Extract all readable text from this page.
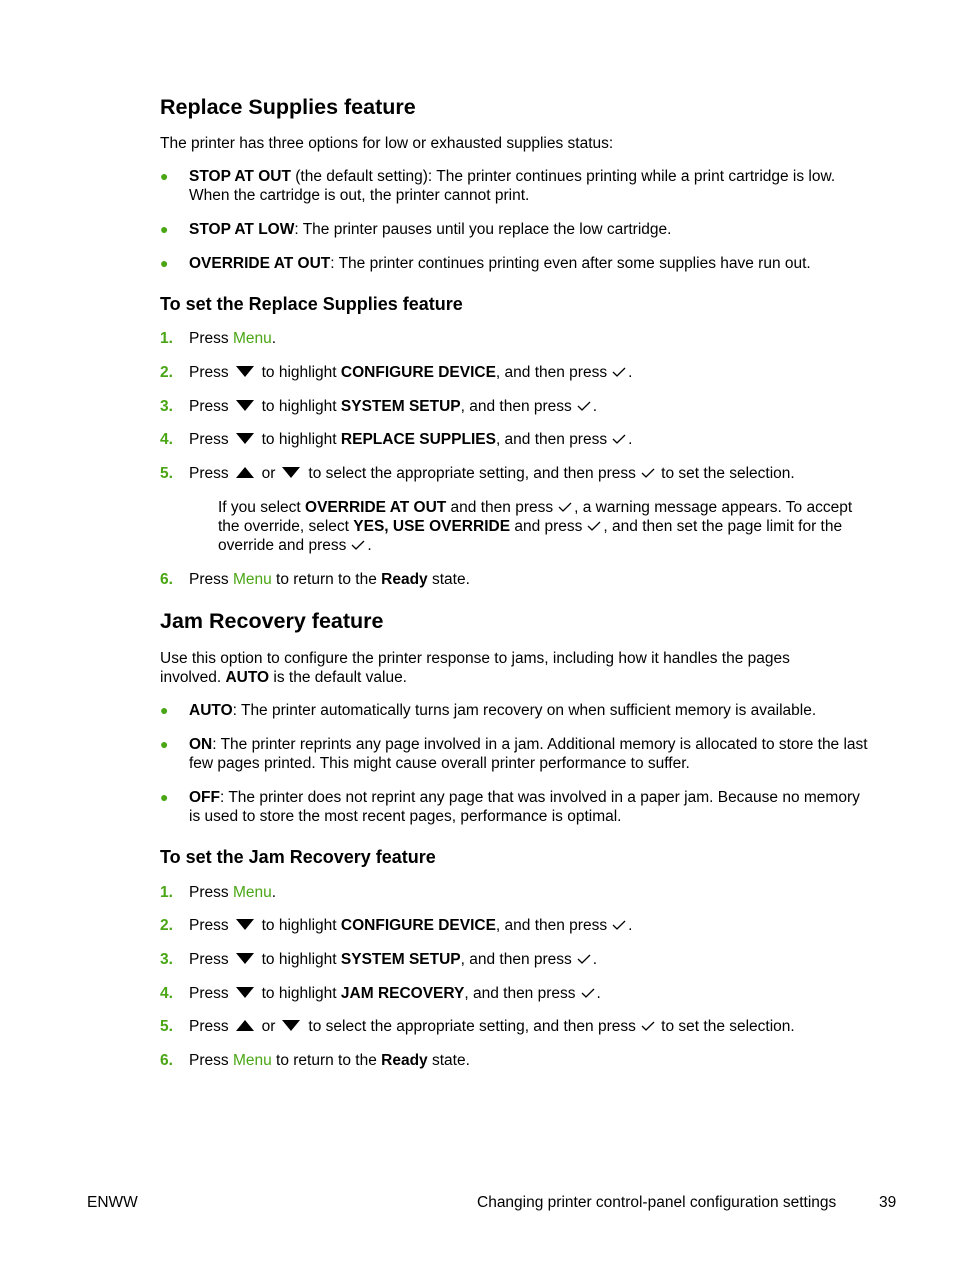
Replace Supplies feature

The printer has three options for low or exhausted supplies status:

● STOP AT OUT (the default setting): The printer continues printing while a print cartridge is low.
When the cartridge is out, the printer cannot print.
● STOP AT LOW: The printer pauses until you replace the low cartridge.
● OVERRIDE AT OUT: The printer continues printing even after some supplies have run out.
To set the Replace Supplies feature
1. Press Menu.
2. Press to highlight CONFIGURE DEVICE, and then press .
3. Press to highlight SYSTEM SETUP, and then press .
4. Press to highlight REPLACE SUPPLIES, and then press .
5. Press or to select the appropriate setting, and then press to set the selection.
If you select OVERRIDE AT OUT and then press , a warning message appears. To accept
the override, select YES, USE OVERRIDE and press , and then set the page limit for the
override and press .
6. Press Menu to return to the Ready state.
Jam Recovery feature
Use this option to configure the printer response to jams, including how it handles the pages
involved. AUTO is the default value.
● AUTO: The printer automatically turns jam recovery on when sufficient memory is available.
● ON: The printer reprints any page involved in a jam. Additional memory is allocated to store the last
few pages printed. This might cause overall printer performance to suffer.
● OFF: The printer does not reprint any page that was involved in a paper jam. Because no memory
is used to store the most recent pages, performance is optimal.
To set the Jam Recovery feature
1. Press Menu.
2. Press to highlight CONFIGURE DEVICE, and then press .
3. Press to highlight SYSTEM SETUP, and then press .
4. Press to highlight JAM RECOVERY, and then press .
5. Press or to select the appropriate setting, and then press to set the selection.
6. Press Menu to return to the Ready state.
ENWW	Changing printer control-panel configuration settings	39
